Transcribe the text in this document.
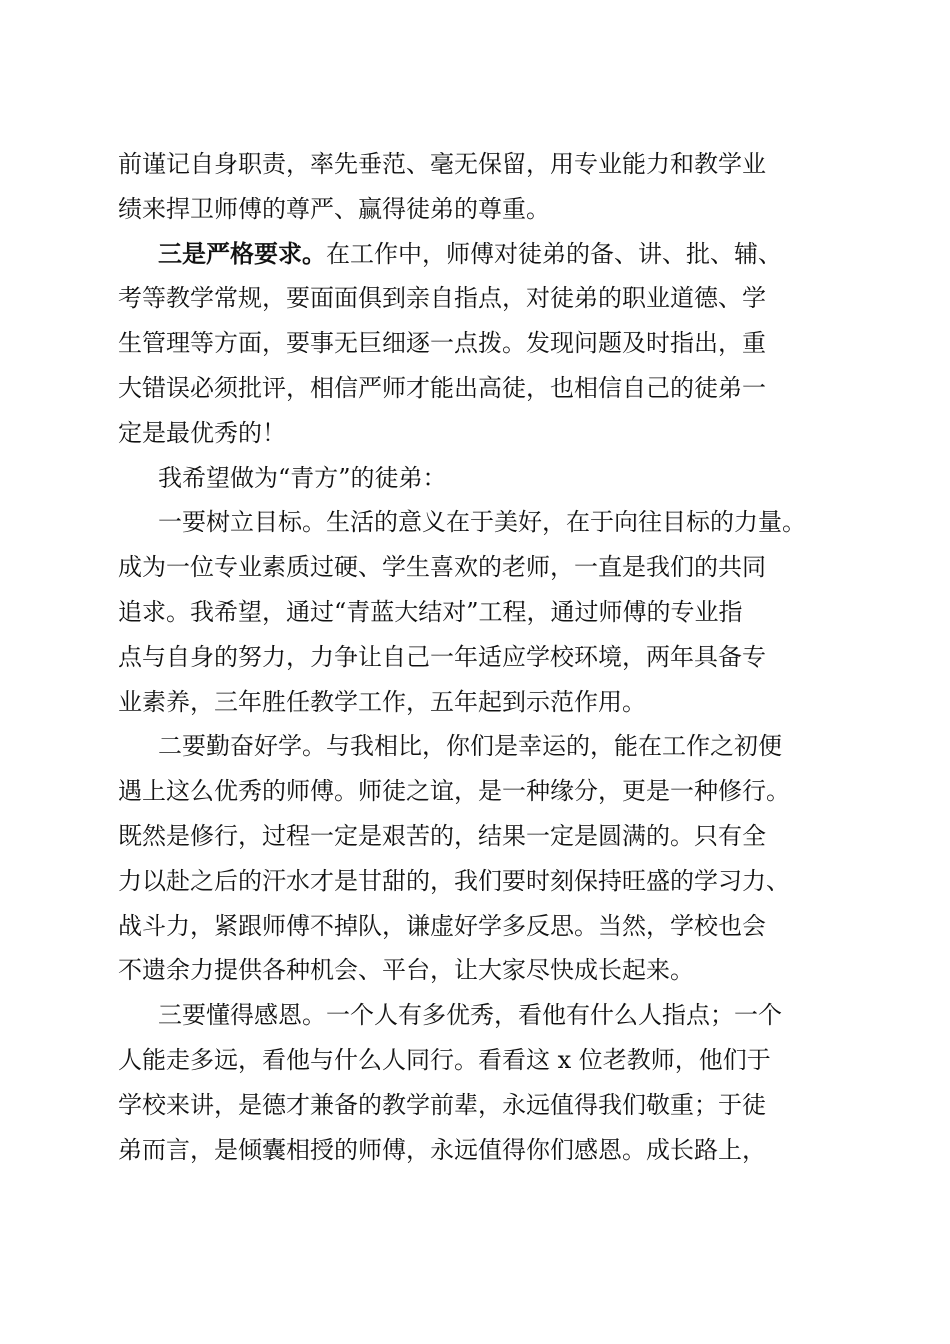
前谨记自身职责，率先垂范、毫无保留，用专业能力和教学业
绩来捍卫师傅的尊严、赢得徒弟的尊重。
三是严格要求。在工作中，师傅对徒弟的备、讲、批、辅、
考等教学常规，要面面俱到亲自指点，对徒弟的职业道德、学
生管理等方面，要事无巨细逐一点拨。发现问题及时指出，重
大错误必须批评，相信严师才能出高徒，也相信自己的徒弟一
定是最优秀的！
我希望做为“青方”的徒弟：
一要树立目标。生活的意义在于美好，在于向往目标的力量。
成为一位专业素质过硬、学生喜欢的老师，一直是我们的共同
追求。我希望，通过“青蓝大结对”工程，通过师傅的专业指
点与自身的努力，力争让自己一年适应学校环境，两年具备专
业素养，三年胜任教学工作，五年起到示范作用。
二要勤奋好学。与我相比，你们是幸运的，能在工作之初便
遇上这么优秀的师傅。师徒之谊，是一种缘分，更是一种修行。
既然是修行，过程一定是艰苦的，结果一定是圆满的。只有全
力以赴之后的汗水才是甘甜的，我们要时刻保持旺盛的学习力、
战斗力，紧跟师傅不掉队，谦虚好学多反思。当然，学校也会
不遗余力提供各种机会、平台，让大家尽快成长起来。
三要懂得感恩。一个人有多优秀，看他有什么人指点；一个
人能走多远，看他与什么人同行。看看这 x 位老教师，他们于
学校来讲，是德才兼备的教学前辈，永远值得我们敬重；于徒
弟而言，是倾囊相授的师傅，永远值得你们感恩。成长路上，
